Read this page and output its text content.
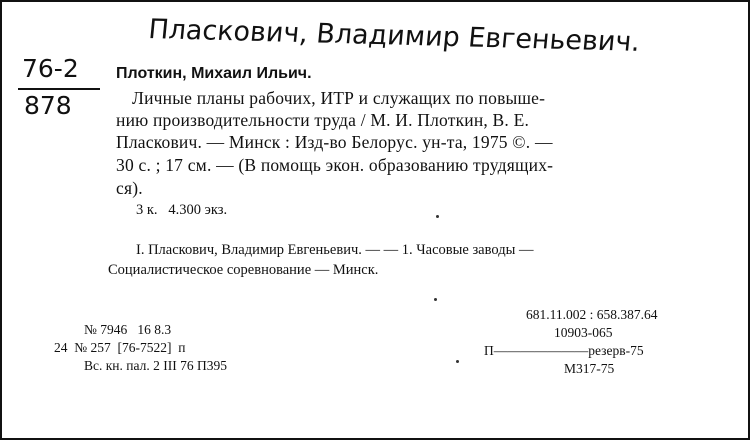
Пласкович, Владимир Евгеньевич.
76-2
878
Плоткин, Михаил Ильич.
Личные планы рабочих, ИТР и служащих по повыше-
нию производительности труда / М. И. Плоткин, В. Е.
Пласкович. — Минск : Изд-во Белорус. ун-та, 1975 ©. —
30 с. ; 17 см. — (В помощь экон. образованию трудящих-
ся).
3 к.   4.300 экз.
I. Пласкович, Владимир Евгеньевич. — — 1. Часовые заводы —
Социалистическое соревнование — Минск.
№ 7946   16 8.3
24  № 257  [76-7522]  п
Вс. кн. пал. 2 III 76 П395
681.11.002 : 658.387.64
10903-065
П———————резерв-75
М317-75
